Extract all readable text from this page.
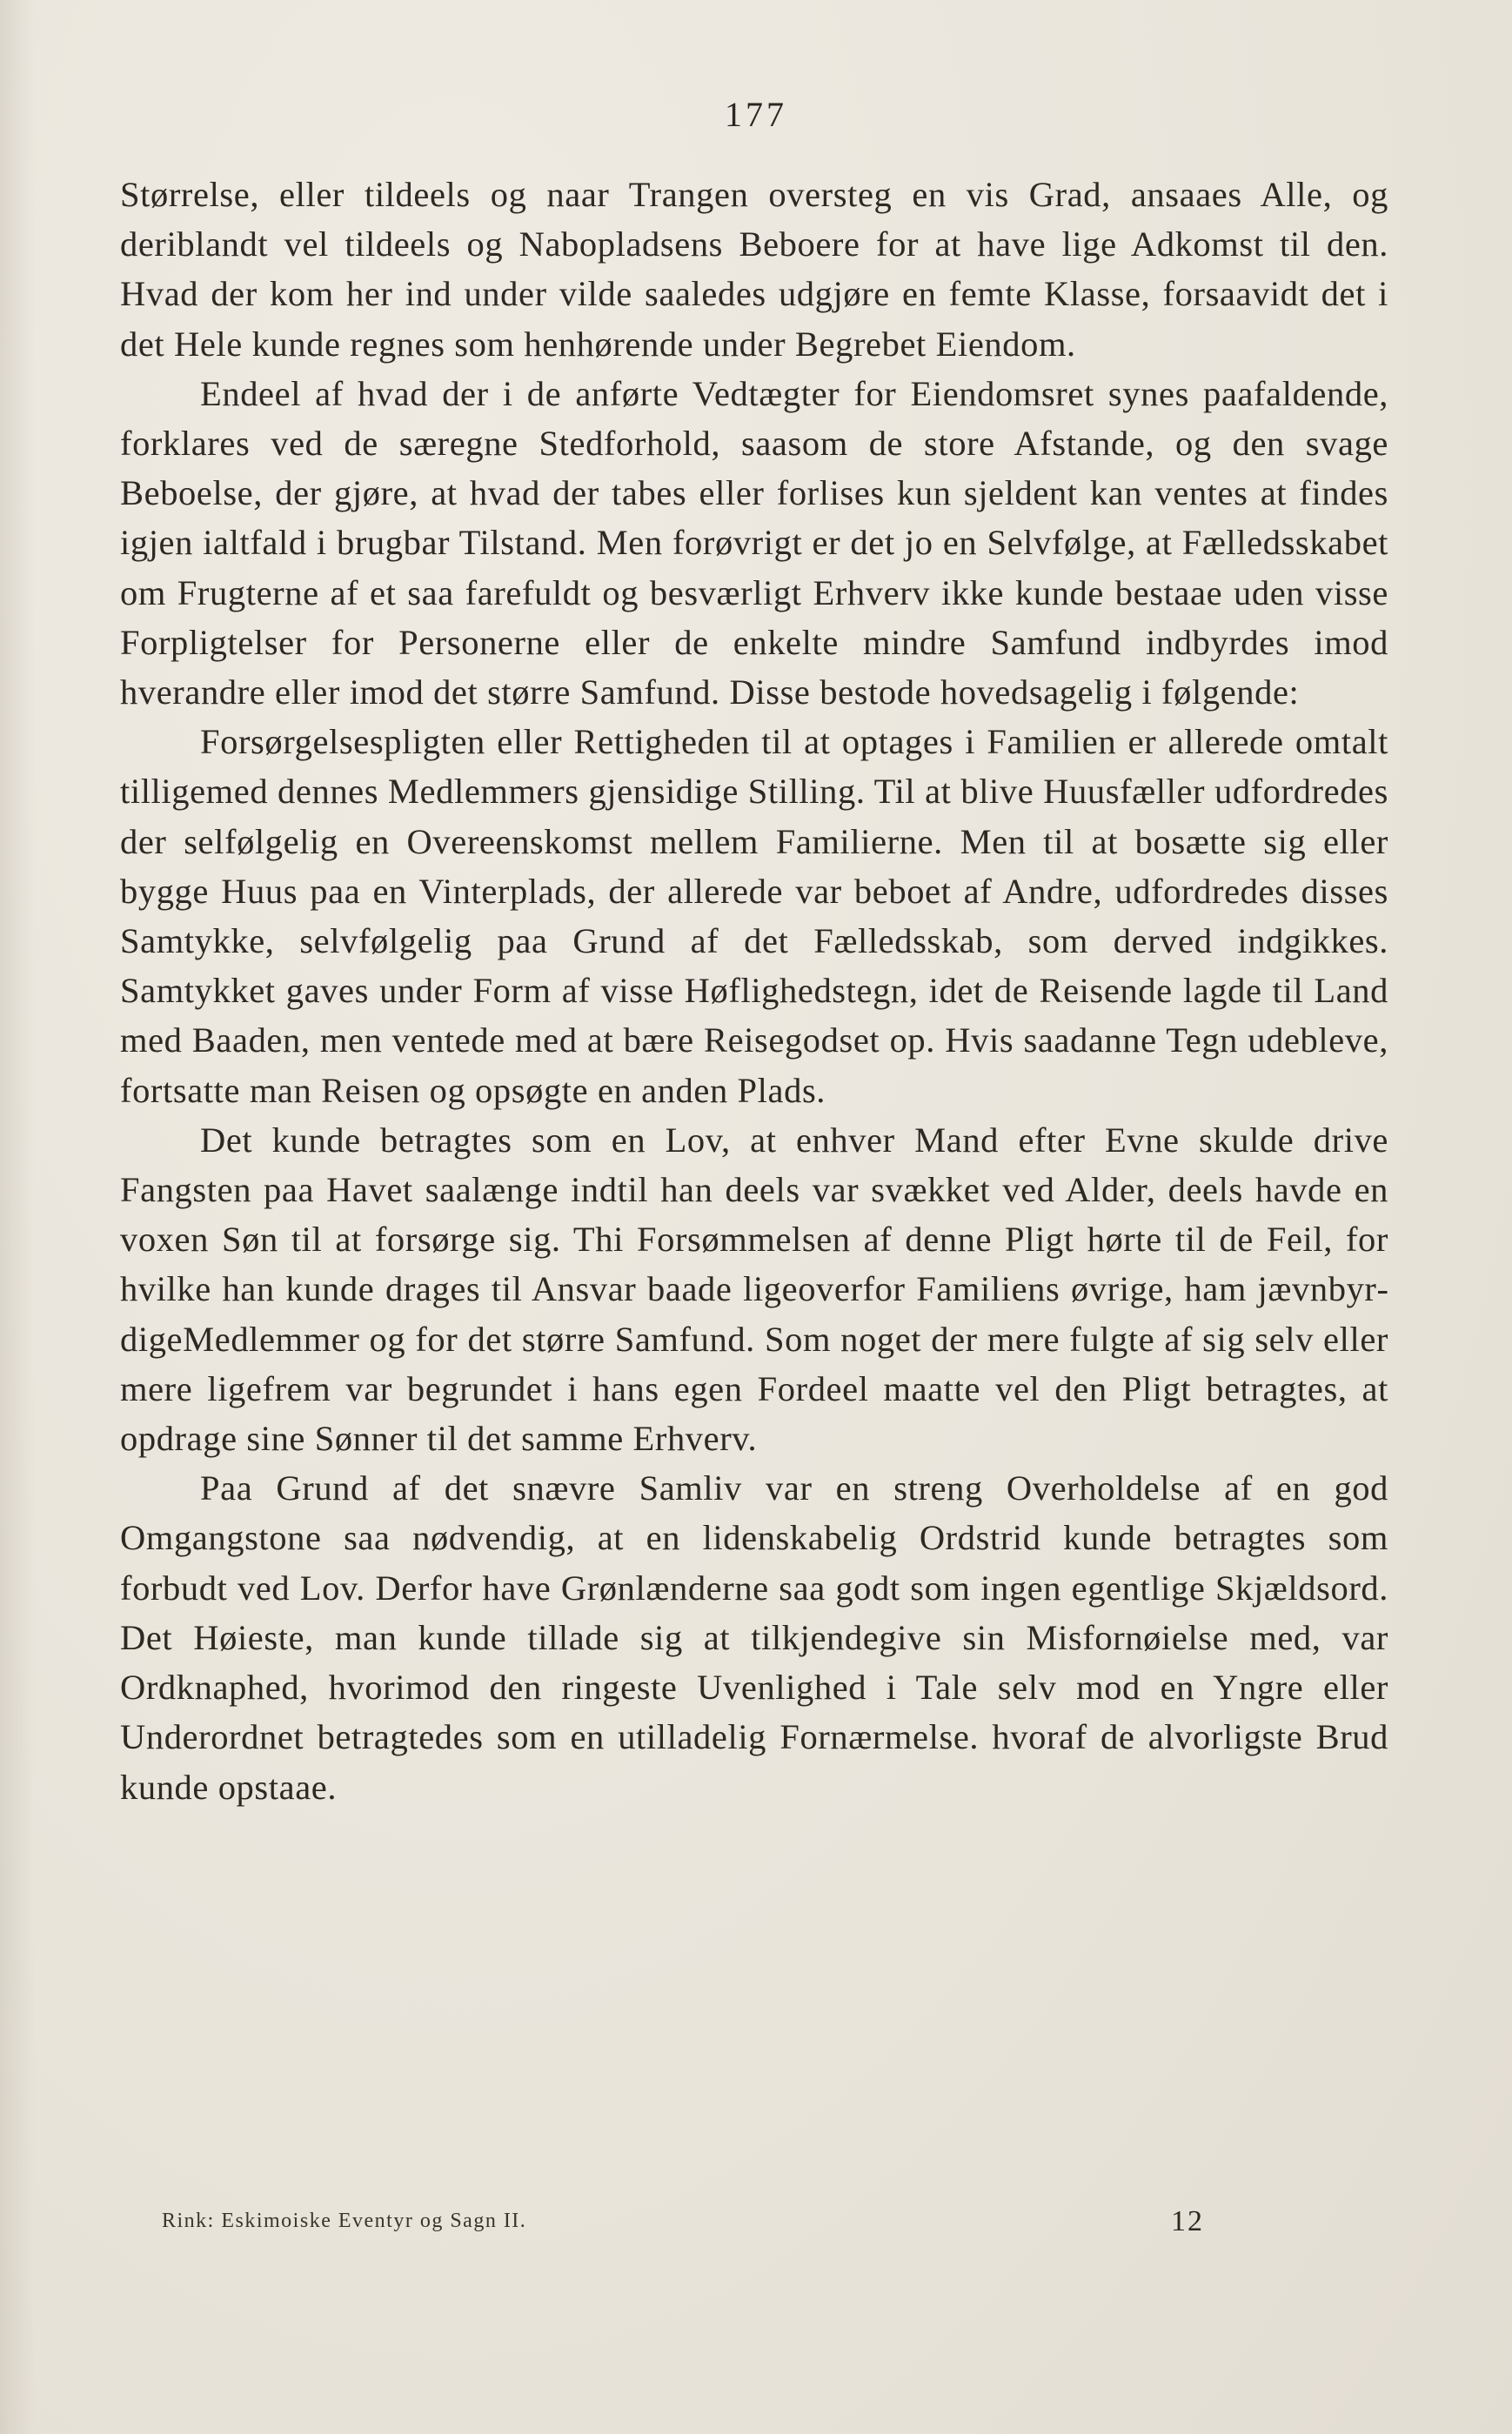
177

Størrelse, eller tildeels og naar Trangen oversteg en vis Grad, ansaaes Alle, og deriblandt vel tildeels og Nabopladsens Beboere for at have lige Adkomst til den. Hvad der kom her ind under vilde saaledes udgjøre en femte Klasse, forsaavidt det i det Hele kunde regnes som henhørende under Begrebet Eiendom.

Endeel af hvad der i de anførte Vedtægter for Eiendomsret synes paafaldende, forklares ved de særegne Stedforhold, saasom de store Afstande, og den svage Beboelse, der gjøre, at hvad der tabes eller forlises kun sjeldent kan ventes at findes igjen ialtfald i brugbar Tilstand. Men forøvrigt er det jo en Selvfølge, at Fælledsskabet om Frugterne af et saa farefuldt og besværligt Erhverv ikke kunde bestaae uden visse Forpligtelser for Personerne eller de enkelte mindre Samfund indbyrdes imod hverandre eller imod det større Samfund. Disse bestode hovedsagelig i følgende:

Forsørgelsespligten eller Rettigheden til at optages i Familien er allerede omtalt tilligemed dennes Medlemmers gjensidige Stilling. Til at blive Huusfæller udfordredes der selfølgelig en Overeenskomst mellem Familierne. Men til at bosætte sig eller bygge Huus paa en Vinterplads, der allerede var beboet af Andre, udfordredes disses Samtykke, selvfølgelig paa Grund af det Fælledsskab, som derved indgikkes. Samtykket gaves under Form af visse Høflighedstegn, idet de Reisende lagde til Land med Baaden, men ventede med at bære Reisegodset op. Hvis saadanne Tegn udebleve, fortsatte man Reisen og opsøgte en anden Plads.

Det kunde betragtes som en Lov, at enhver Mand efter Evne skulde drive Fangsten paa Havet saalænge indtil han deels var svækket ved Alder, deels havde en voxen Søn til at forsørge sig. Thi Forsømmelsen af denne Pligt hørte til de Feil, for hvilke han kunde drages til Ansvar baade ligeoverfor Familiens øvrige, ham jævnbyrdigeMedlemmer og for det større Samfund. Som noget der mere fulgte af sig selv eller mere ligefrem var begrundet i hans egen Fordeel maatte vel den Pligt betragtes, at opdrage sine Sønner til det samme Erhverv.

Paa Grund af det snævre Samliv var en streng Overholdelse af en god Omgangstone saa nødvendig, at en lidenskabelig Ordstrid kunde betragtes som forbudt ved Lov. Derfor have Grønlænderne saa godt som ingen egentlige Skjældsord. Det Høieste, man kunde tillade sig at tilkjendegive sin Misfornøielse med, var Ordknaphed, hvorimod den ringeste Uvenlighed i Tale selv mod en Yngre eller Underordnet betragtedes som en utilladelig Fornærmelse. hvoraf de alvorligste Brud kunde opstaae.

Rink: Eskimoiske Eventyr og Sagn II.	12
